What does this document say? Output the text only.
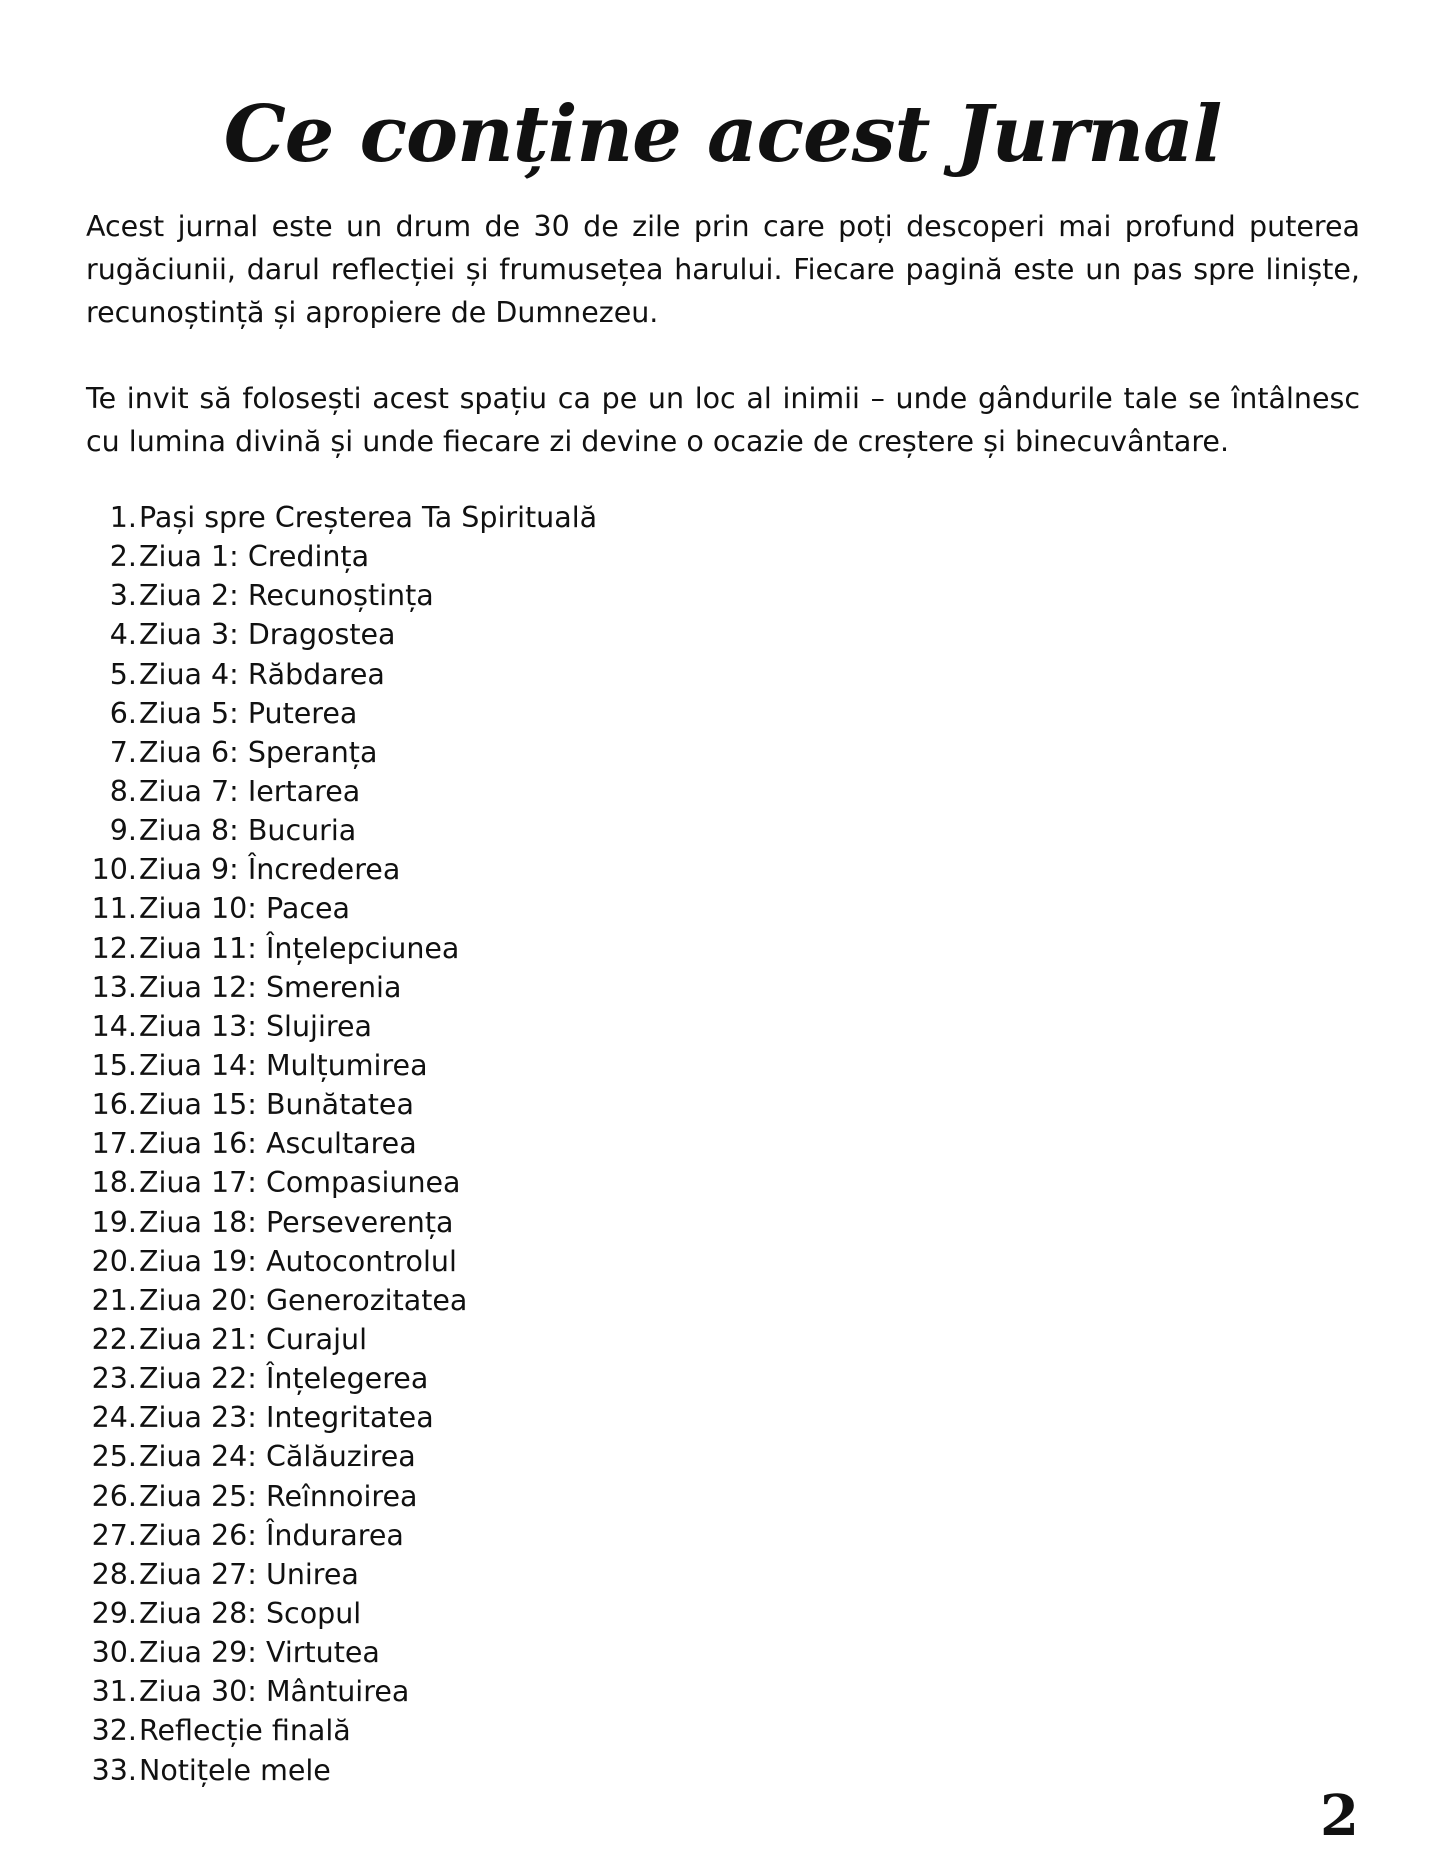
Ce conține acest Jurnal

Acest jurnal este un drum de 30 de zile prin care poți descoperi mai profund puterea rugăciunii, darul reflecției și frumusețea harului. Fiecare pagină este un pas spre liniște, recunoștință și apropiere de Dumnezeu.

Te invit să folosești acest spațiu ca pe un loc al inimii – unde gândurile tale se întâlnesc cu lumina divină și unde fiecare zi devine o ocazie de creștere și binecuvântare.

1. Pași spre Creșterea Ta Spirituală
2. Ziua 1: Credința
3. Ziua 2: Recunoștința
4. Ziua 3: Dragostea
5. Ziua 4: Răbdarea
6. Ziua 5: Puterea
7. Ziua 6: Speranța
8. Ziua 7: Iertarea
9. Ziua 8: Bucuria
10. Ziua 9: Încrederea
11. Ziua 10: Pacea
12. Ziua 11: Înțelepciunea
13. Ziua 12: Smerenia
14. Ziua 13: Slujirea
15. Ziua 14: Mulțumirea
16. Ziua 15: Bunătatea
17. Ziua 16: Ascultarea
18. Ziua 17: Compasiunea
19. Ziua 18: Perseverența
20. Ziua 19: Autocontrolul
21. Ziua 20: Generozitatea
22. Ziua 21: Curajul
23. Ziua 22: Înțelegerea
24. Ziua 23: Integritatea
25. Ziua 24: Călăuzirea
26. Ziua 25: Reînnoirea
27. Ziua 26: Îndurarea
28. Ziua 27: Unirea
29. Ziua 28: Scopul
30. Ziua 29: Virtutea
31. Ziua 30: Mântuirea
32. Reflecție finală
33. Notițele mele
2
